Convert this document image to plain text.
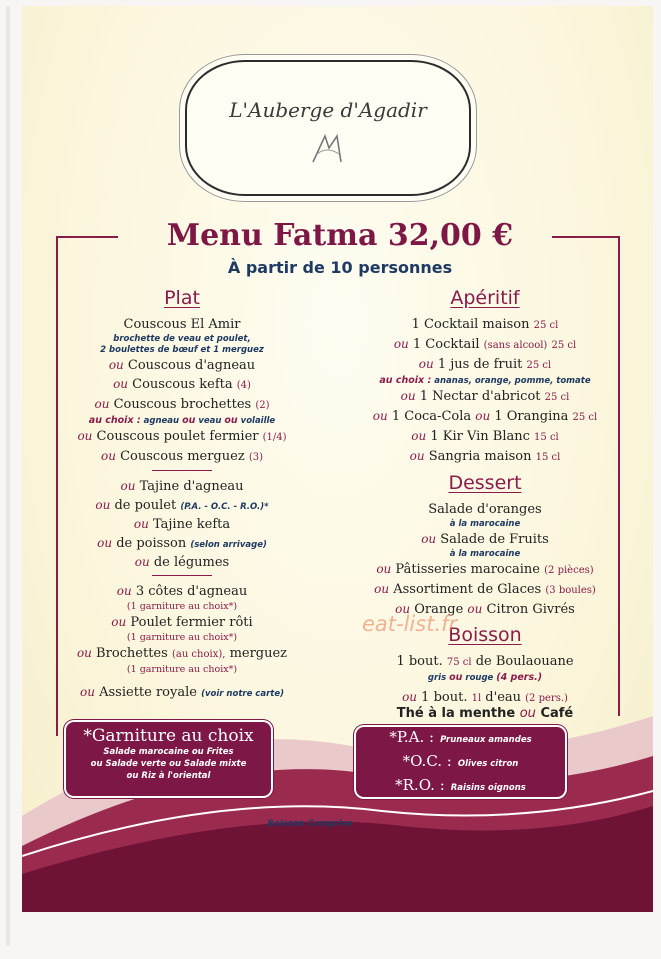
L'Auberge d'Agadir
Menu Fatma 32,00 €
À partir de 10 personnes
Plat
Couscous El Amir
brochette de veau et poulet,
2 boulettes de bœuf et 1 merguez
ou Couscous d'agneau
ou Couscous kefta (4)
ou Couscous brochettes (2)
au choix : agneau ou veau ou volaille
ou Couscous poulet fermier (1/4)
ou Couscous merguez (3)
ou Tajine d'agneau
ou de poulet (P.A. - O.C. - R.O.)*
ou Tajine kefta
ou de poisson (selon arrivage)
ou de légumes
ou 3 côtes d'agneau
(1 garniture au choix*)
ou Poulet fermier rôti
(1 garniture au choix*)
ou Brochettes (au choix), merguez
(1 garniture au choix*)
ou Assiette royale (voir notre carte)
Apéritif
1 Cocktail maison 25 cl
ou 1 Cocktail (sans alcool) 25 cl
ou 1 jus de fruit 25 cl
au choix : ananas, orange, pomme, tomate
ou 1 Nectar d'abricot 25 cl
ou 1 Coca-Cola ou 1 Orangina 25 cl
ou 1 Kir Vin Blanc 15 cl
ou Sangria maison 15 cl
Dessert
Salade d'oranges
à la marocaine
ou Salade de Fruits
à la marocaine
ou Pâtisseries marocaine (2 pièces)
ou Assortiment de Glaces (3 boules)
ou Orange ou Citron Givrés
Boisson
1 bout. 75 cl de Boulaouane
gris ou rouge (4 pers.)
ou 1 bout. 1l d'eau (2 pers.)
Thé à la menthe ou Café
eat-list.fr
*Garniture au choix
Salade marocaine ou Frites
ou Salade verte ou Salade mixte
ou Riz à l'oriental
*P.A. : Pruneaux amandes
*O.C. : Olives citron
*R.O. : Raisins oignons
Boisson Comprise
